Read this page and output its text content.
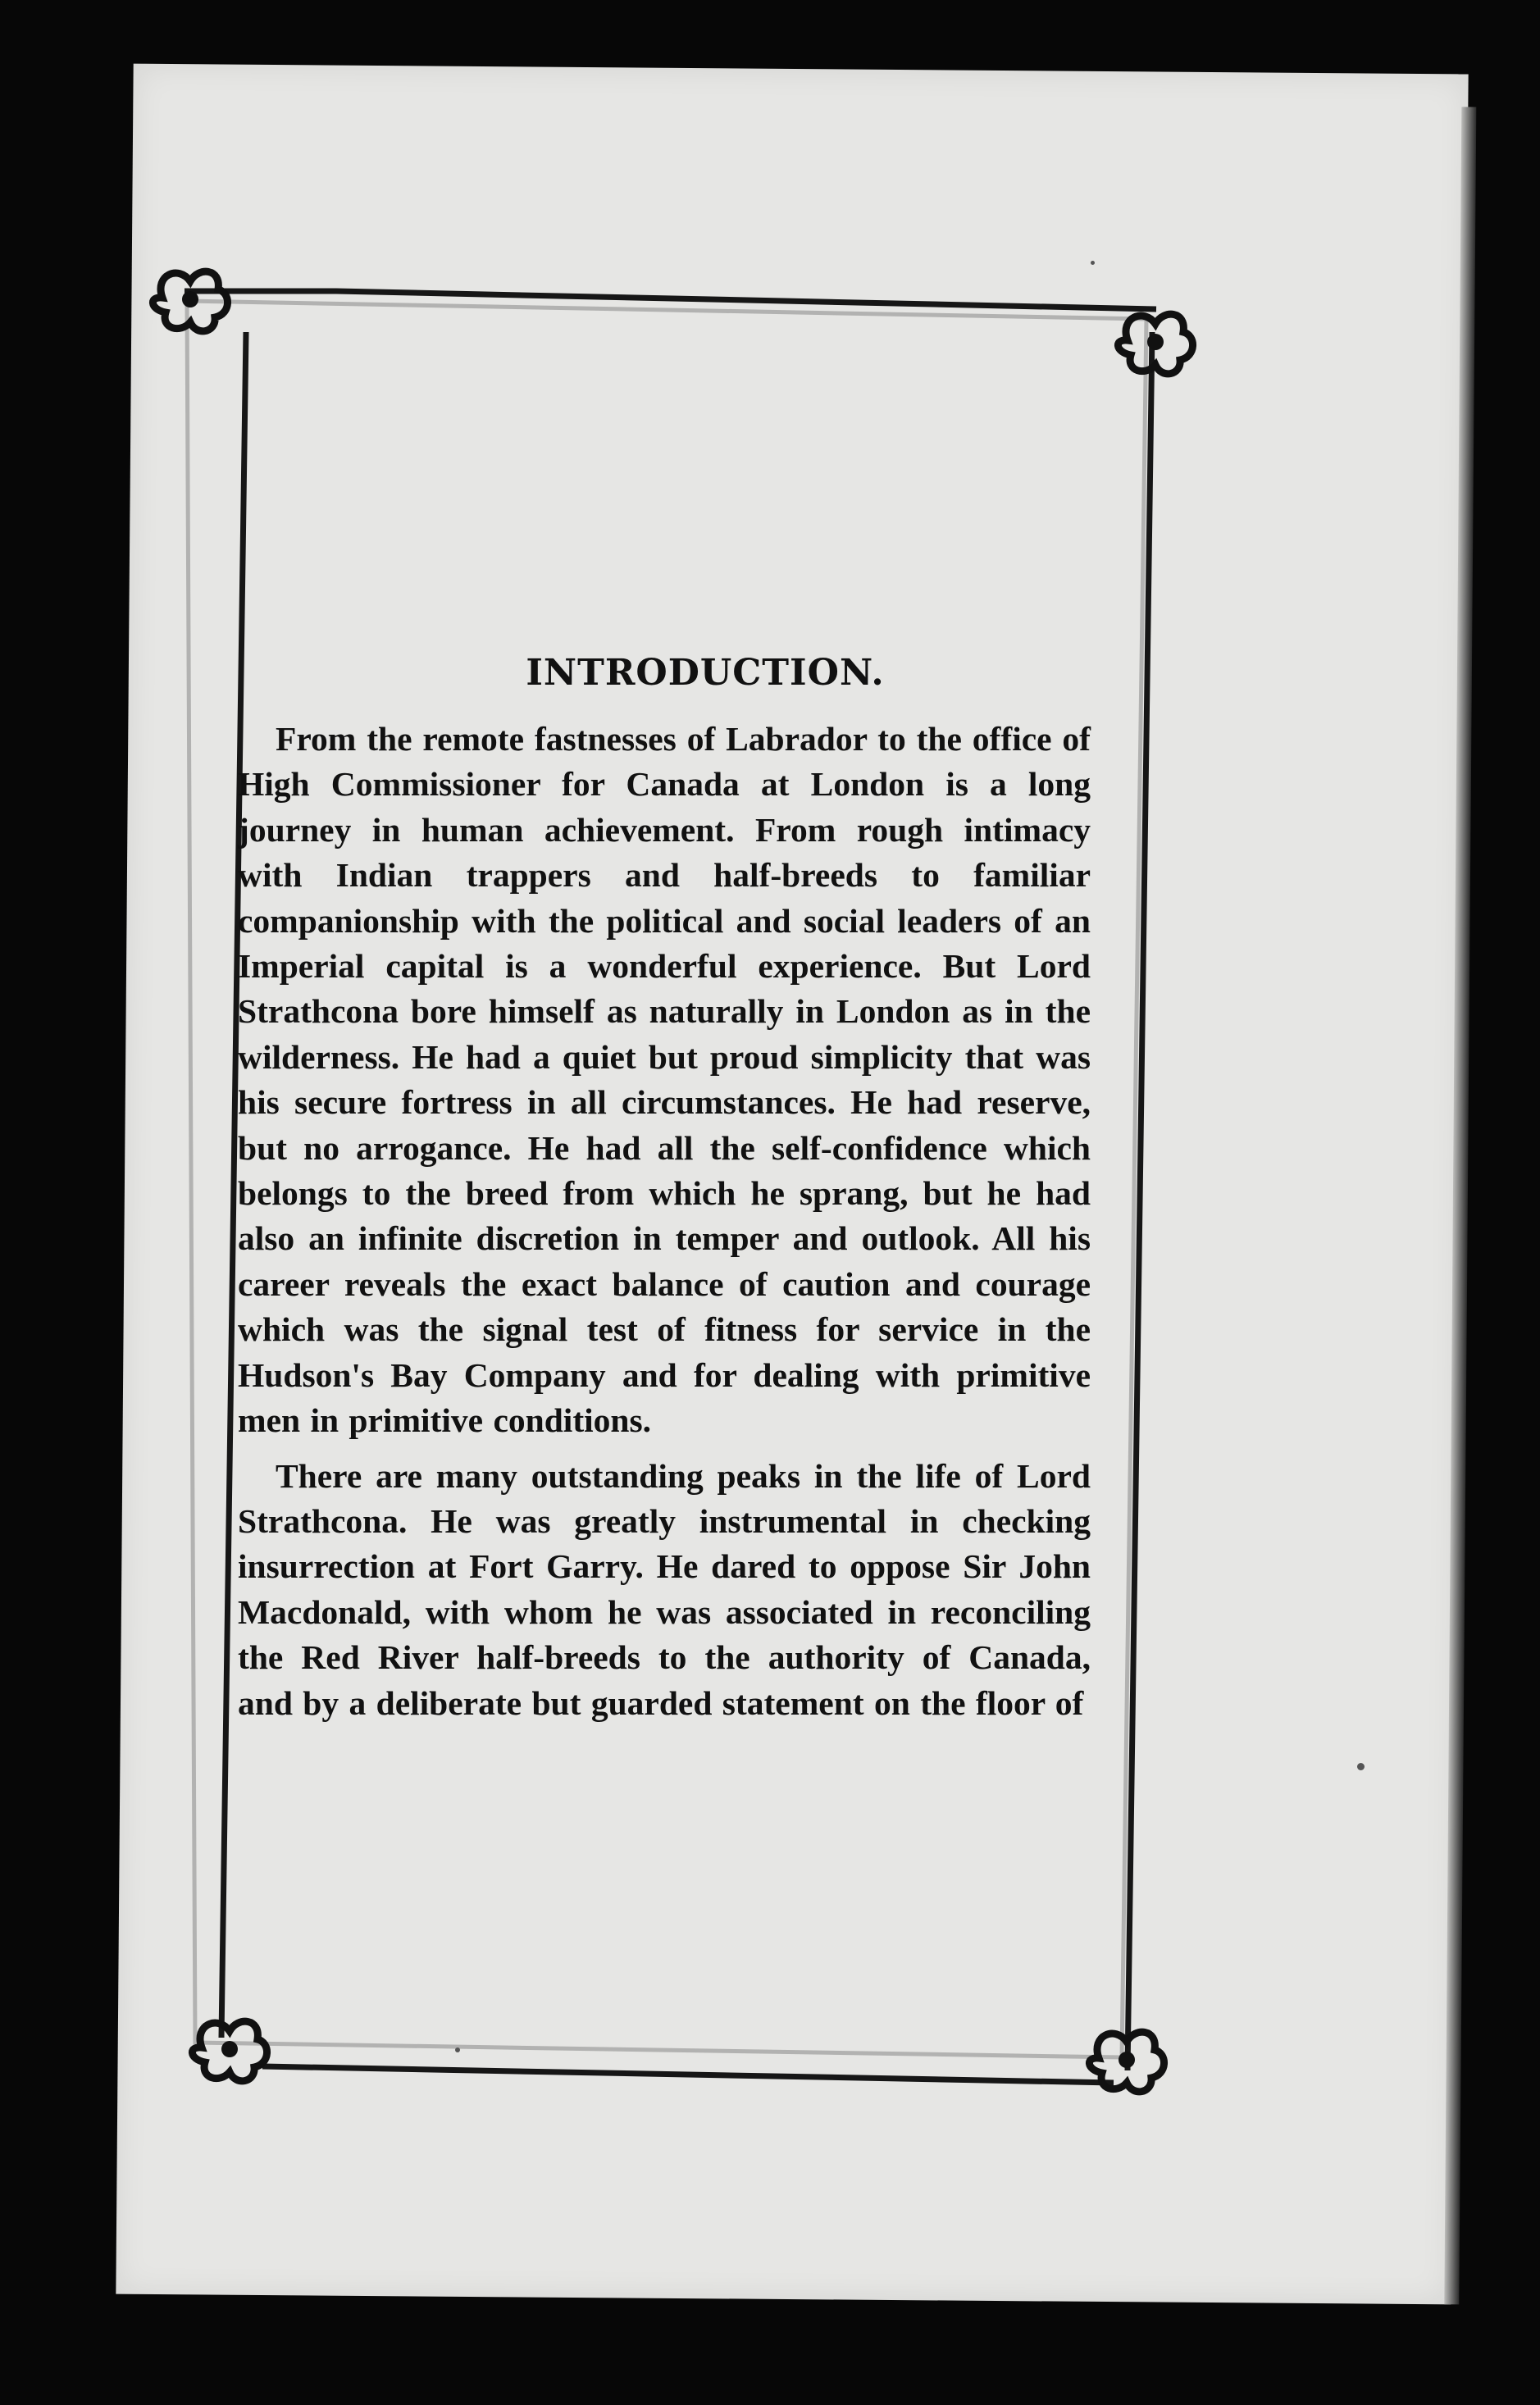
INTRODUCTION.

From the remote fastnesses of Labrador to the office of High Commissioner for Canada at London is a long journey in human achievement. From rough intimacy with Indian trappers and half-breeds to familiar companionship with the political and social leaders of an Imperial capital is a wonderful experience. But Lord Strathcona bore himself as naturally in London as in the wilderness. He had a quiet but proud simplicity that was his secure fortress in all circumstances. He had reserve, but no arrogance. He had all the self-confidence which belongs to the breed from which he sprang, but he had also an infinite discretion in temper and outlook. All his career reveals the exact balance of caution and courage which was the signal test of fitness for service in the Hudson's Bay Company and for dealing with primitive men in primitive conditions.

There are many outstanding peaks in the life of Lord Strathcona. He was greatly instrumental in checking insurrection at Fort Garry. He dared to oppose Sir John Macdonald, with whom he was associated in reconciling the Red River half-breeds to the authority of Canada, and by a deliberate but guarded statement on the floor of
